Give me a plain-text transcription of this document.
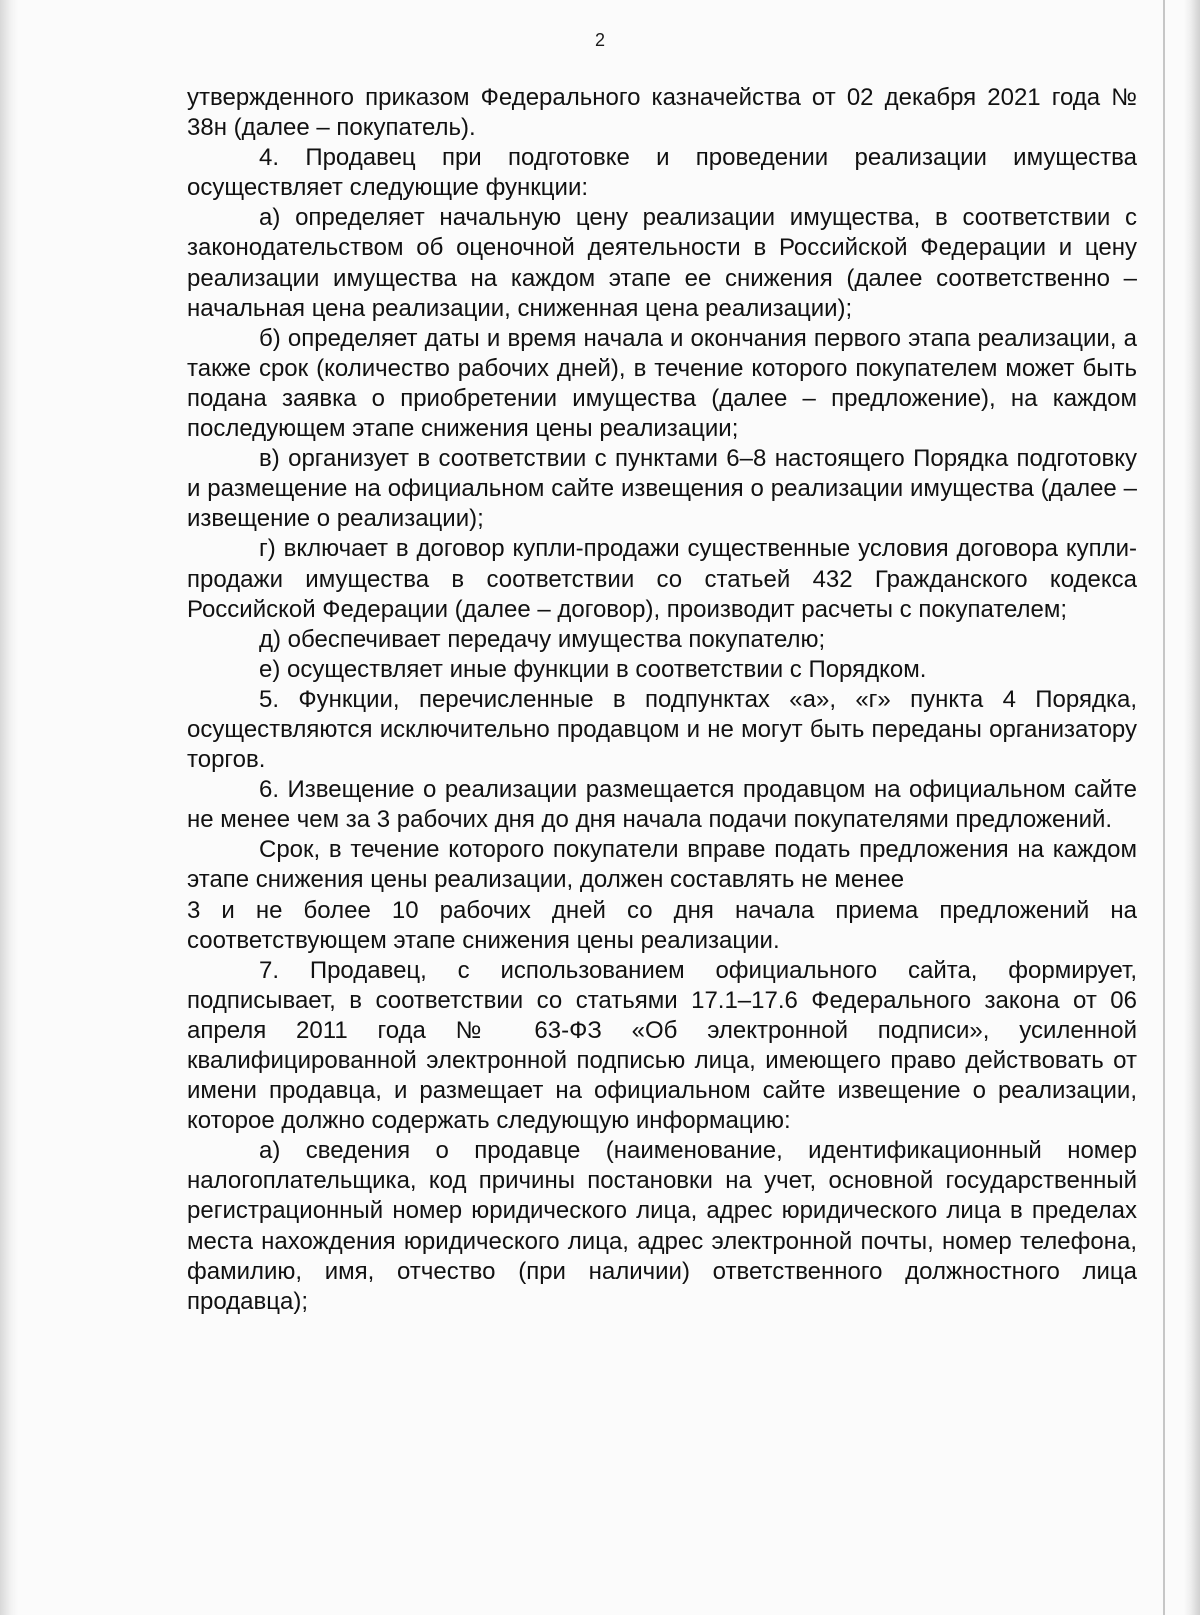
2

утвержденного приказом Федерального казначейства от 02 декабря 2021 года № 38н (далее – покупатель).

4. Продавец при подготовке и проведении реализации имущества осуществляет следующие функции:

а) определяет начальную цену реализации имущества, в соответствии с законодательством об оценочной деятельности в Российской Федерации и цену реализации имущества на каждом этапе ее снижения (далее соответственно – начальная цена реализации, сниженная цена реализации);

б) определяет даты и время начала и окончания первого этапа реализации, а также срок (количество рабочих дней), в течение которого покупателем может быть подана заявка о приобретении имущества (далее – предложение), на каждом последующем этапе снижения цены реализации;

в) организует в соответствии с пунктами 6–8 настоящего Порядка подготовку и размещение на официальном сайте извещения о реализации имущества (далее – извещение о реализации);

г) включает в договор купли-продажи существенные условия договора купли-продажи имущества в соответствии со статьей 432 Гражданского кодекса Российской Федерации (далее – договор), производит расчеты с покупателем;

д) обеспечивает передачу имущества покупателю;

е) осуществляет иные функции в соответствии с Порядком.

5. Функции, перечисленные в подпунктах «а», «г» пункта 4 Порядка, осуществляются исключительно продавцом и не могут быть переданы организатору торгов.

6. Извещение о реализации размещается продавцом на официальном сайте не менее чем за 3 рабочих дня до дня начала подачи покупателями предложений.

Срок, в течение которого покупатели вправе подать предложения на каждом этапе снижения цены реализации, должен составлять не менее

3 и не более 10 рабочих дней со дня начала приема предложений на соответствующем этапе снижения цены реализации.

7. Продавец, с использованием официального сайта, формирует, подписывает, в соответствии со статьями 17.1–17.6 Федерального закона от 06 апреля 2011 года № 63-ФЗ «Об электронной подписи», усиленной квалифицированной электронной подписью лица, имеющего право действовать от имени продавца, и размещает на официальном сайте извещение о реализации, которое должно содержать следующую информацию:

а) сведения о продавце (наименование, идентификационный номер налогоплательщика, код причины постановки на учет, основной государственный регистрационный номер юридического лица, адрес юридического лица в пределах места нахождения юридического лица, адрес электронной почты, номер телефона, фамилию, имя, отчество (при наличии) ответственного должностного лица продавца);
